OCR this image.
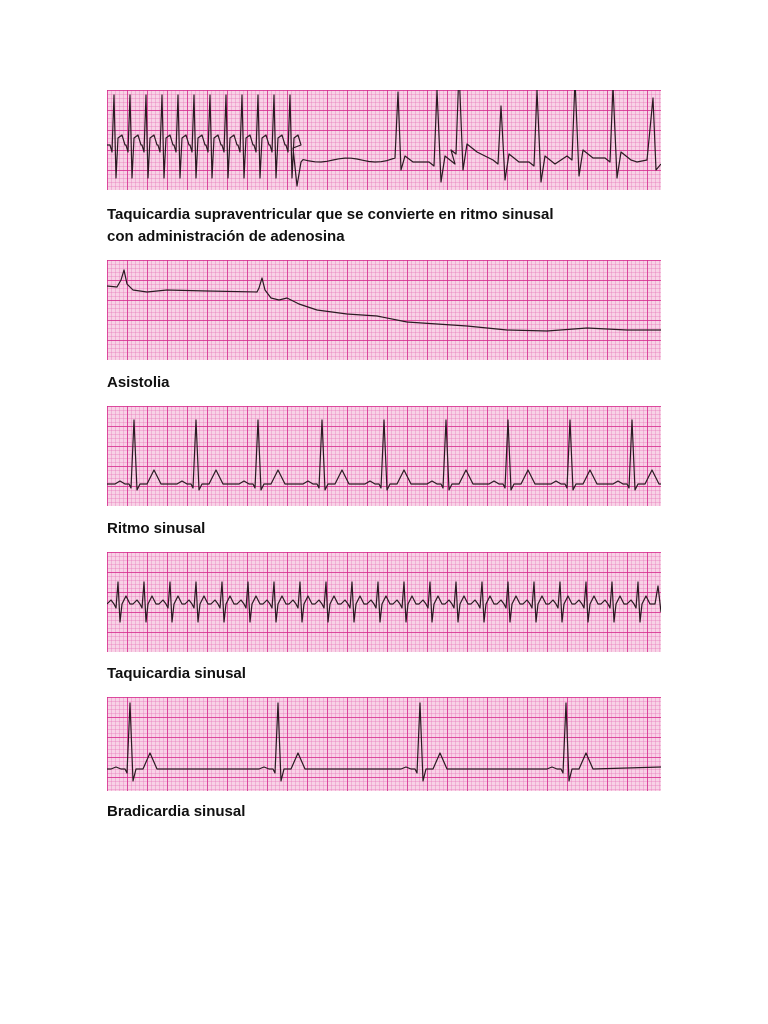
Taquicardia supraventricular que se convierte en ritmo sinusal
con administración de adenosina

Asistolia

Ritmo sinusal

Taquicardia sinusal

Bradicardia sinusal
